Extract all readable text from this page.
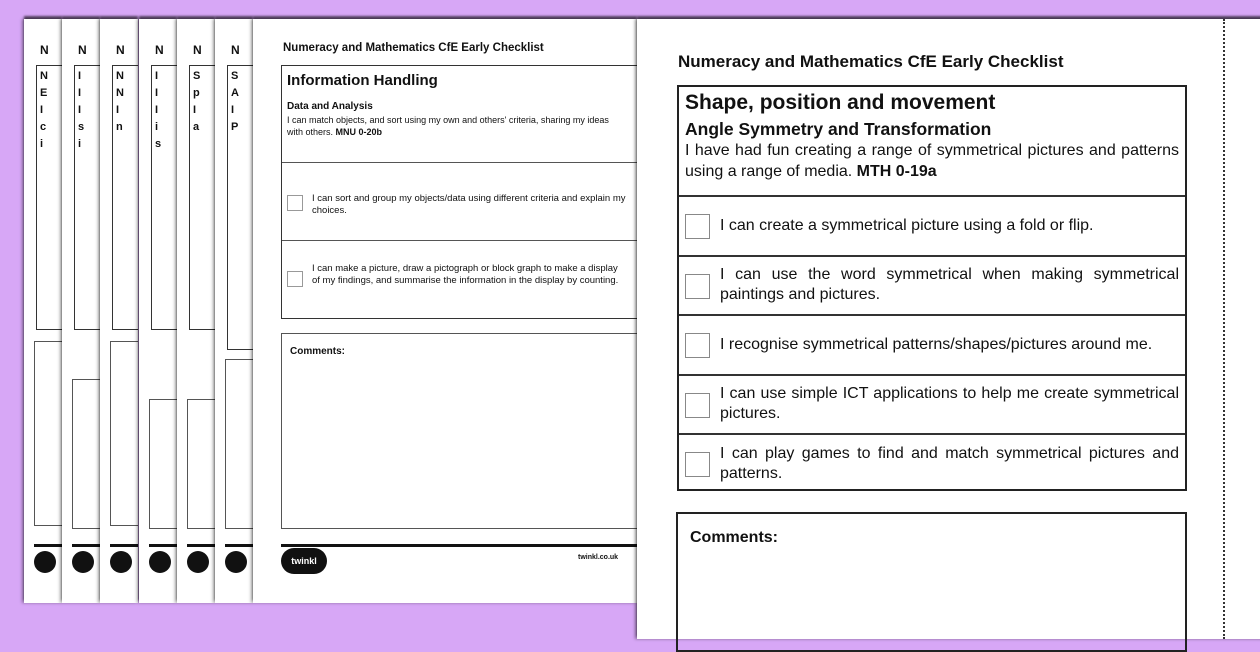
N
N
E
I
c
i
N
I
I
I
s
i
N
N
N
I
n
N
I
I
I
i
s
N
S
p
I
a
N
S
A
I
P
Numeracy and Mathematics CfE Early Checklist
Information Handling
Data and Analysis
I can match objects, and sort using my own and others' criteria, sharing my ideas with others. MNU 0-20b
I can sort and group my objects/data using different criteria and explain my choices.
I can make a picture, draw a pictograph or block graph to make a display of my findings, and summarise the information in the display by counting.
Comments:
twinkl	twinkl.co.uk
Numeracy and Mathematics CfE Early Checklist
Shape, position and movement
Angle Symmetry and Transformation
I have had fun creating a range of symmetrical pictures and patterns using a range of media. MTH 0-19a
I can create a symmetrical picture using a fold or flip.
I can use the word symmetrical when making symmetrical paintings and pictures.
I recognise symmetrical patterns/shapes/pictures around me.
I can use simple ICT applications to help me create symmetrical pictures.
I can play games to find and match symmetrical pictures and patterns.
Comments:
